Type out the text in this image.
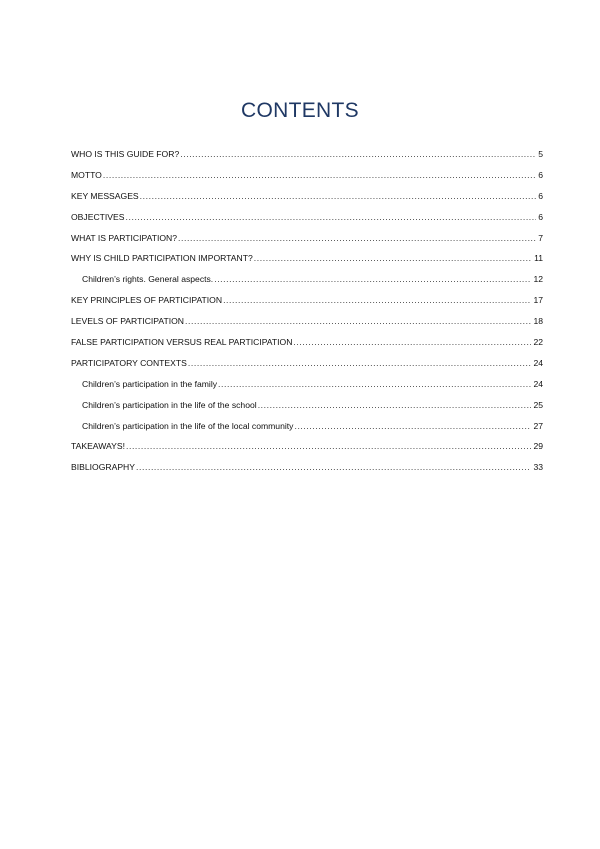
CONTENTS
WHO IS THIS GUIDE FOR? .....	5
MOTTO .....	6
KEY MESSAGES .....	6
OBJECTIVES .....	6
WHAT IS PARTICIPATION? .....	7
WHY IS CHILD PARTICIPATION IMPORTANT? .....	11
Children’s rights. General aspects. .....	12
KEY PRINCIPLES OF PARTICIPATION .....	17
LEVELS OF PARTICIPATION .....	18
FALSE PARTICIPATION VERSUS REAL PARTICIPATION .....	22
PARTICIPATORY CONTEXTS .....	24
Children’s participation in the family .....	24
Children’s participation in the life of the school .....	25
Children’s participation in the life of the local community .....	27
TAKEAWAYS! .....	29
BIBLIOGRAPHY .....	33
